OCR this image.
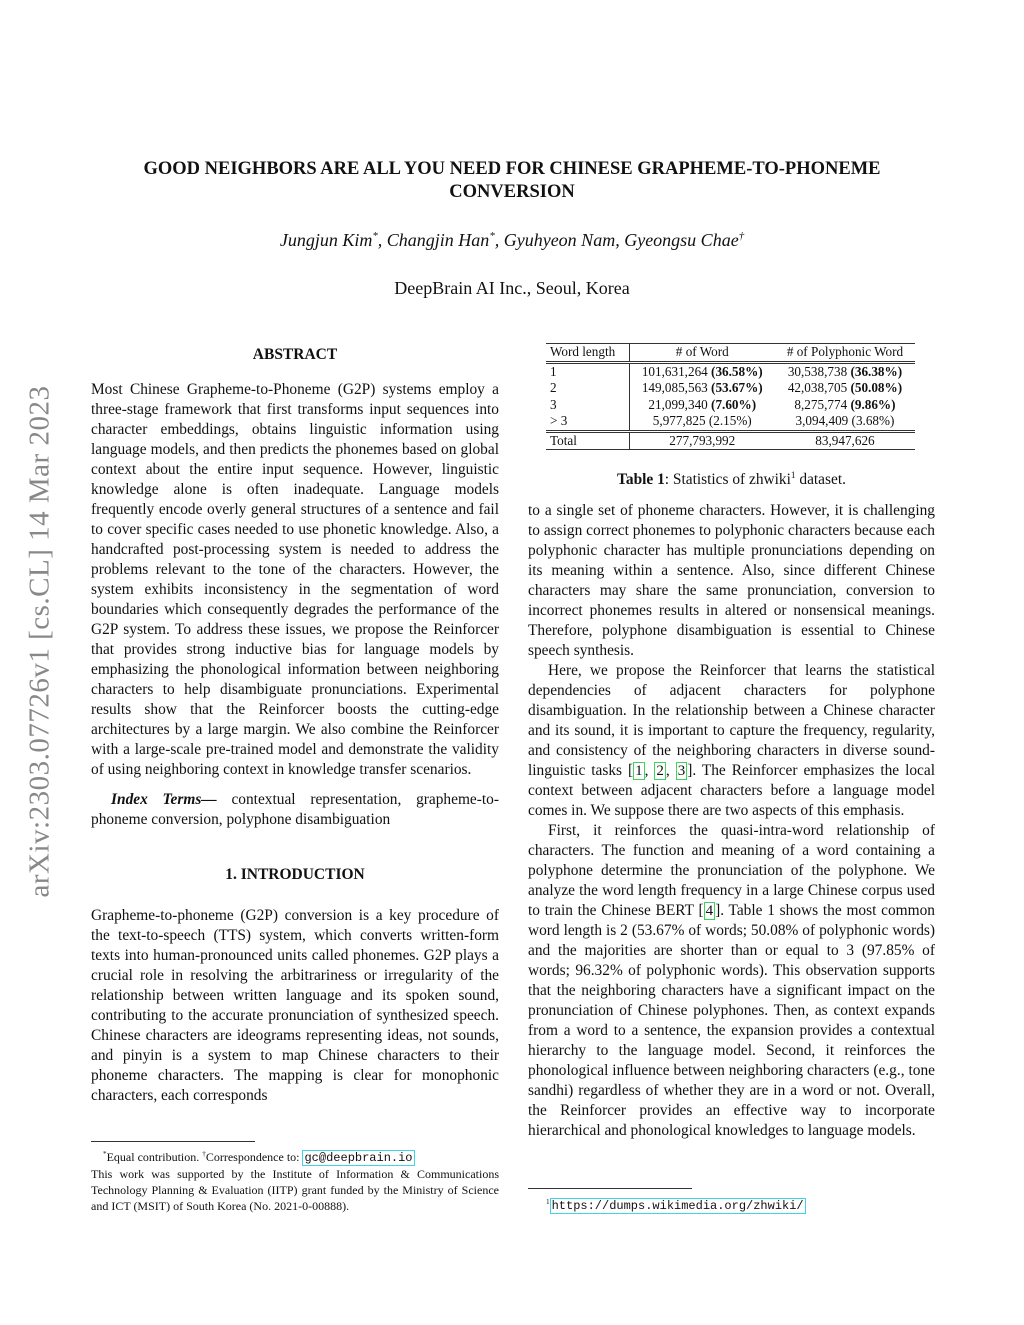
arXiv:2303.07726v1 [cs.CL] 14 Mar 2023
GOOD NEIGHBORS ARE ALL YOU NEED FOR CHINESE GRAPHEME-TO-PHONEME
CONVERSION
Jungjun Kim*, Changjin Han*, Gyuhyeon Nam, Gyeongsu Chae†
DeepBrain AI Inc., Seoul, Korea
ABSTRACT

Most Chinese Grapheme-to-Phoneme (G2P) systems employ a three-stage framework that first transforms input sequences into character embeddings, obtains linguistic information using language models, and then predicts the phonemes based on global context about the entire input sequence. However, linguistic knowledge alone is often inadequate. Language models frequently encode overly general structures of a sentence and fail to cover specific cases needed to use phonetic knowledge. Also, a handcrafted post-processing system is needed to address the problems relevant to the tone of the characters. However, the system exhibits inconsistency in the segmentation of word boundaries which consequently degrades the performance of the G2P system. To address these issues, we propose the Reinforcer that provides strong inductive bias for language models by emphasizing the phonological information between neighboring characters to help disambiguate pronunciations. Experimental results show that the Reinforcer boosts the cutting-edge architectures by a large margin. We also combine the Reinforcer with a large-scale pre-trained model and demonstrate the validity of using neighboring context in knowledge transfer scenarios.

Index Terms— contextual representation, grapheme-to-phoneme conversion, polyphone disambiguation

1. INTRODUCTION

Grapheme-to-phoneme (G2P) conversion is a key procedure of the text-to-speech (TTS) system, which converts written-form texts into human-pronounced units called phonemes. G2P plays a crucial role in resolving the arbitrariness or irregularity of the relationship between written language and its spoken sound, contributing to the accurate pronunciation of synthesized speech. Chinese characters are ideograms representing ideas, not sounds, and pinyin is a system to map Chinese characters to their phoneme characters. The mapping is clear for monophonic characters, each corresponds

*Equal contribution. †Correspondence to: gc@deepbrain.io
This work was supported by the Institute of Information & Communications Technology Planning & Evaluation (IITP) grant funded by the Ministry of Science and ICT (MSIT) of South Korea (No. 2021-0-00888).
Word length	# of Word	# of Polyphonic Word
1	101,631,264 (36.58%)	30,538,738 (36.38%)
2	149,085,563 (53.67%)	42,038,705 (50.08%)
3	21,099,340 (7.60%)	8,275,774 (9.86%)
> 3	5,977,825 (2.15%)	3,094,409 (3.68%)
Total	277,793,992	83,947,626
Table 1: Statistics of zhwiki$^1$ dataset.

to a single set of phoneme characters. However, it is challenging to assign correct phonemes to polyphonic characters because each polyphonic character has multiple pronunciations depending on its meaning within a sentence. Also, since different Chinese characters may share the same pronunciation, conversion to incorrect phonemes results in altered or nonsensical meanings. Therefore, polyphone disambiguation is essential to Chinese speech synthesis.

Here, we propose the Reinforcer that learns the statistical dependencies of adjacent characters for polyphone disambiguation. In the relationship between a Chinese character and its sound, it is important to capture the frequency, regularity, and consistency of the neighboring characters in diverse sound-linguistic tasks [ 1 , 2 , 3 ]. The Reinforcer emphasizes the local context between adjacent characters before a language model comes in. We suppose there are two aspects of this emphasis.

First, it reinforces the quasi-intra-word relationship of characters. The function and meaning of a word containing a polyphone determine the pronunciation of the polyphone. We analyze the word length frequency in a large Chinese corpus used to train the Chinese BERT [ 4 ]. Table 1 shows the most common word length is 2 (53.67% of words; 50.08% of polyphonic words) and the majorities are shorter than or equal to 3 (97.85% of words; 96.32% of polyphonic words). This observation supports that the neighboring characters have a significant impact on the pronunciation of Chinese polyphones. Then, as context expands from a word to a sentence, the expansion provides a contextual hierarchy to the language model. Second, it reinforces the phonological influence between neighboring characters (e.g., tone sandhi) regardless of whether they are in a word or not. Overall, the Reinforcer provides an effective way to incorporate hierarchical and phonological knowledges to language models.

$^1$ https://dumps.wikimedia.org/zhwiki/
